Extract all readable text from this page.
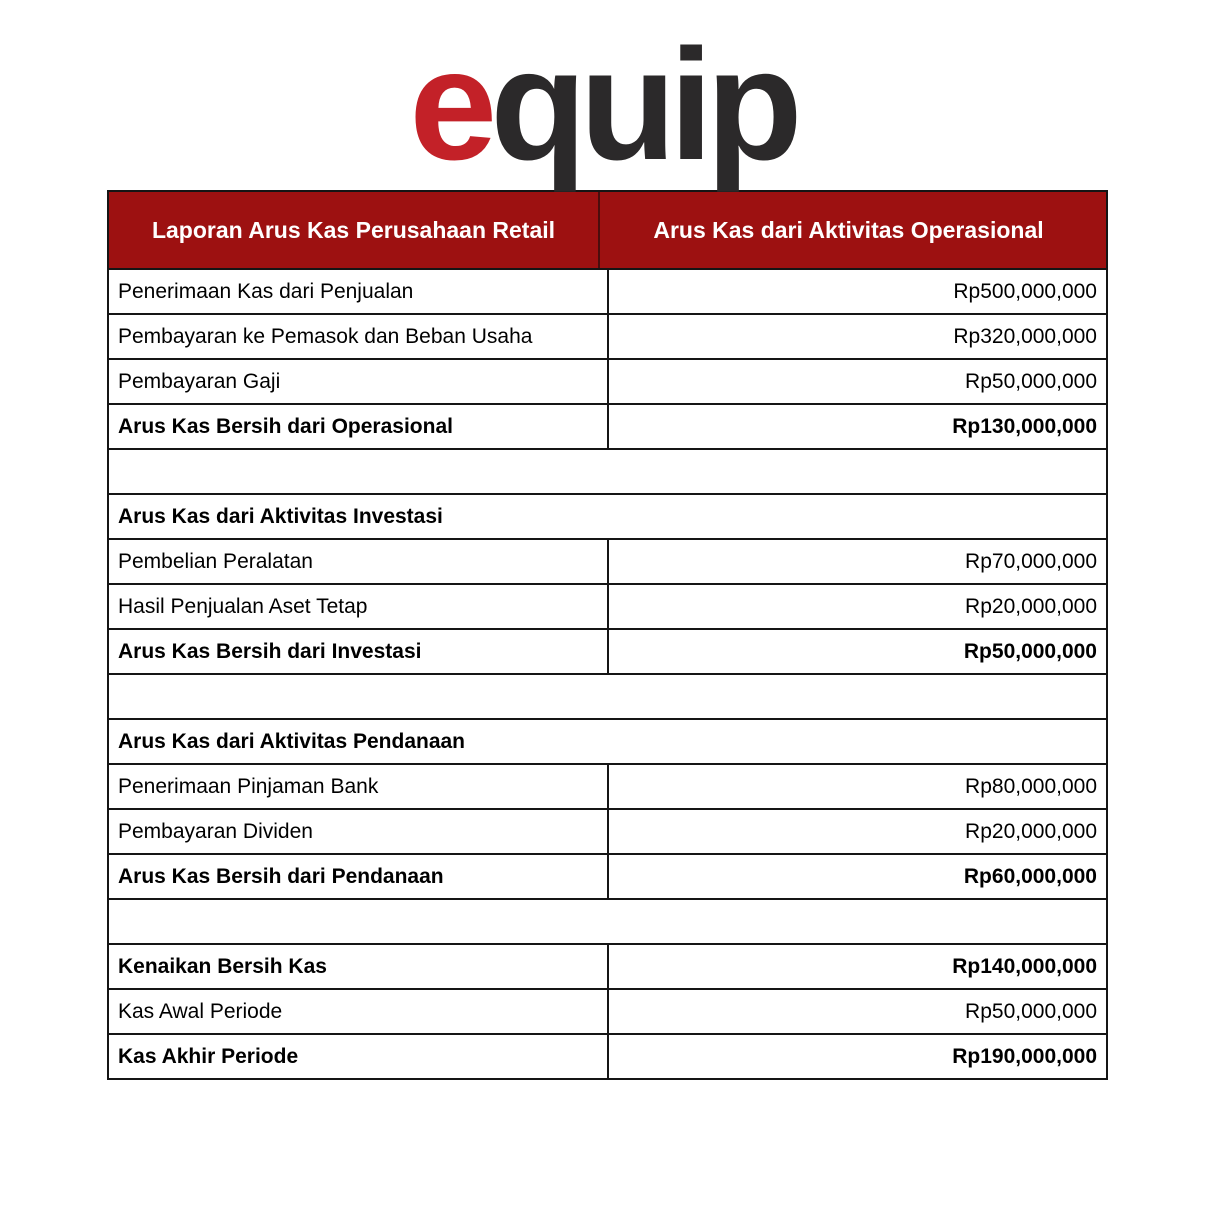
equip
Laporan Arus Kas Perusahaan Retail	Arus Kas dari Aktivitas Operasional
Penerimaan Kas dari Penjualan	Rp500,000,000
Pembayaran ke Pemasok dan Beban Usaha	Rp320,000,000
Pembayaran Gaji	Rp50,000,000
Arus Kas Bersih dari Operasional	Rp130,000,000
Arus Kas dari Aktivitas Investasi
Pembelian Peralatan	Rp70,000,000
Hasil Penjualan Aset Tetap	Rp20,000,000
Arus Kas Bersih dari Investasi	Rp50,000,000
Arus Kas dari Aktivitas Pendanaan
Penerimaan Pinjaman Bank	Rp80,000,000
Pembayaran Dividen	Rp20,000,000
Arus Kas Bersih dari Pendanaan	Rp60,000,000
Kenaikan Bersih Kas	Rp140,000,000
Kas Awal Periode	Rp50,000,000
Kas Akhir Periode	Rp190,000,000
